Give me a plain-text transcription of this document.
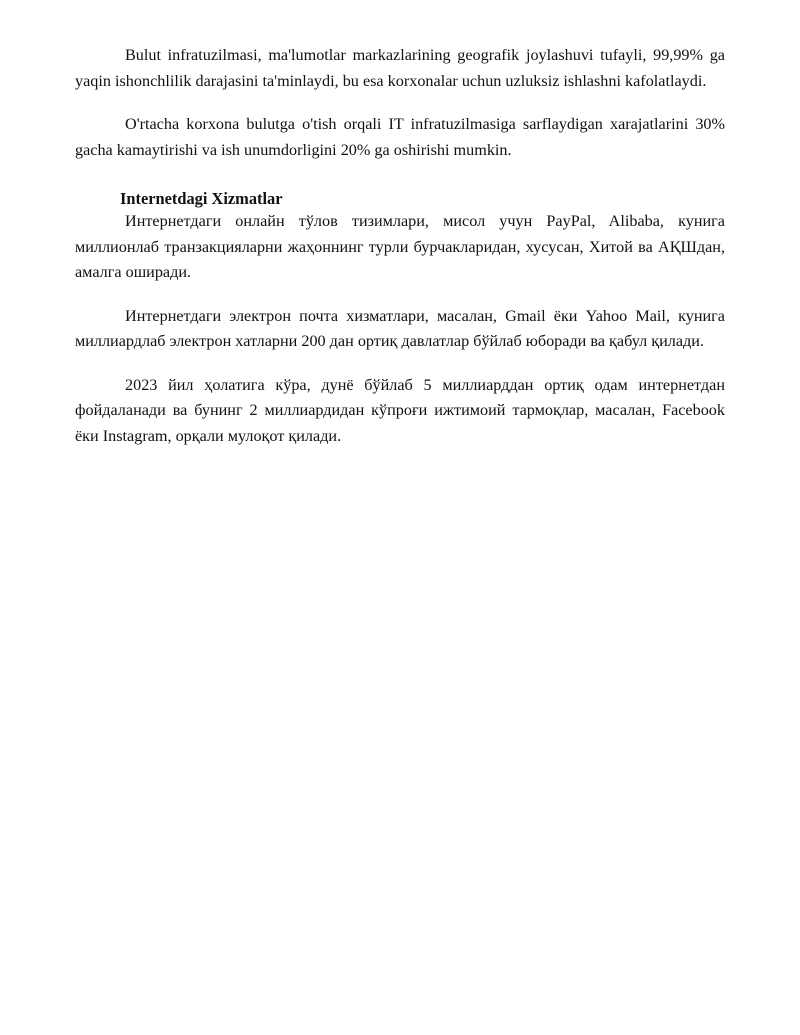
Bulut infratuzilmasi, ma'lumotlar markazlarining geografik joylashuvi tufayli, 99,99% ga yaqin ishonchlilik darajasini ta'minlaydi, bu esa korxonalar uchun uzluksiz ishlashni kafolatlaydi.

O'rtacha korxona bulutga o'tish orqali IT infratuzilmasiga sarflaydigan xarajatlarini 30% gacha kamaytirishi va ish unumdorligini 20% ga oshirishi mumkin.

Internetdagi Xizmatlar

Интернетдаги онлайн тўлов тизимлари, мисол учун PayPal, Alibaba, кунига миллионлаб транзакцияларни жаҳоннинг турли бурчакларидан, хусусан, Хитой ва АҚШдан, амалга оширади.

Интернетдаги электрон почта хизматлари, масалан, Gmail ёки Yahoo Mail, кунига миллиардлаб электрон хатларни 200 дан ортиқ давлатлар бўйлаб юборади ва қабул қилади.

2023 йил ҳолатига кўра, дунё бўйлаб 5 миллиарддан ортиқ одам интернетдан фойдаланади ва бунинг 2 миллиардидан кўпроғи ижтимоий тармоқлар, масалан, Facebook ёки Instagram, орқали мулоқот қилади.
